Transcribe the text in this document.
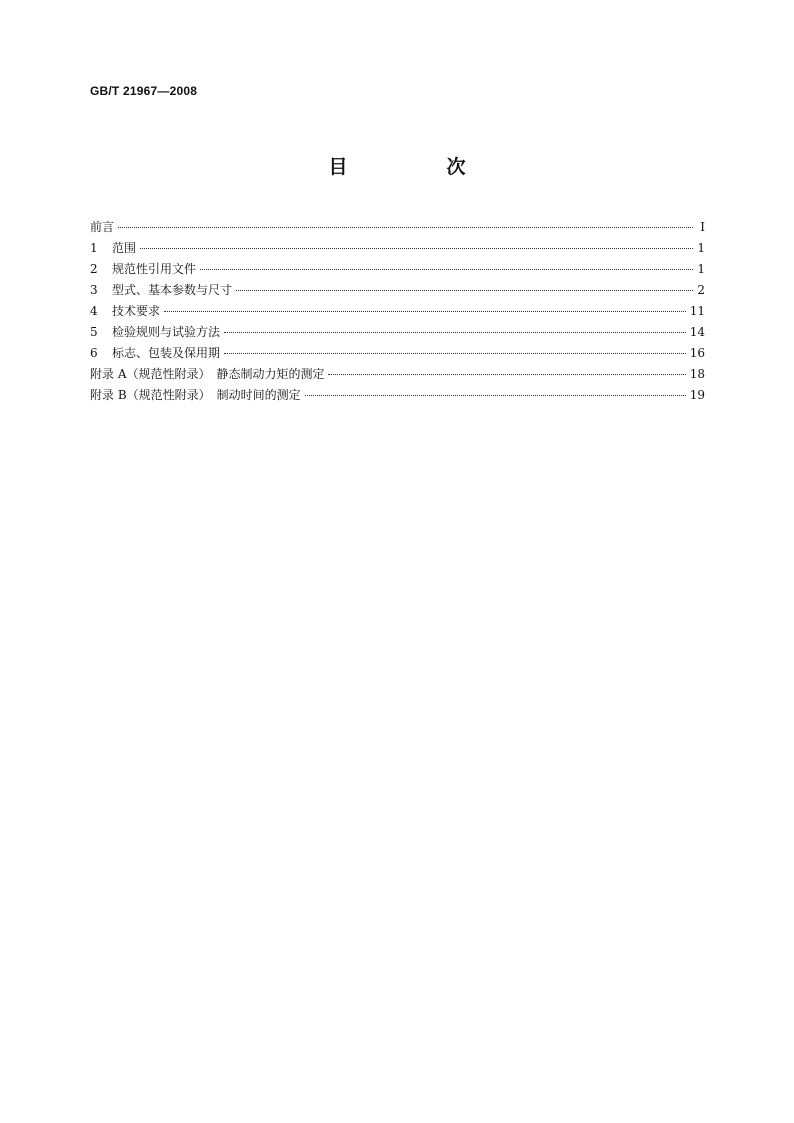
GB/T 21967—2008
目　次
前言	I
1	范围	1
2	规范性引用文件	1
3	型式、基本参数与尺寸	2
4	技术要求	11
5	检验规则与试验方法	14
6	标志、包装及保用期	16
附录 A（规范性附录）　静态制动力矩的测定	18
附录 B（规范性附录）　制动时间的测定	19
